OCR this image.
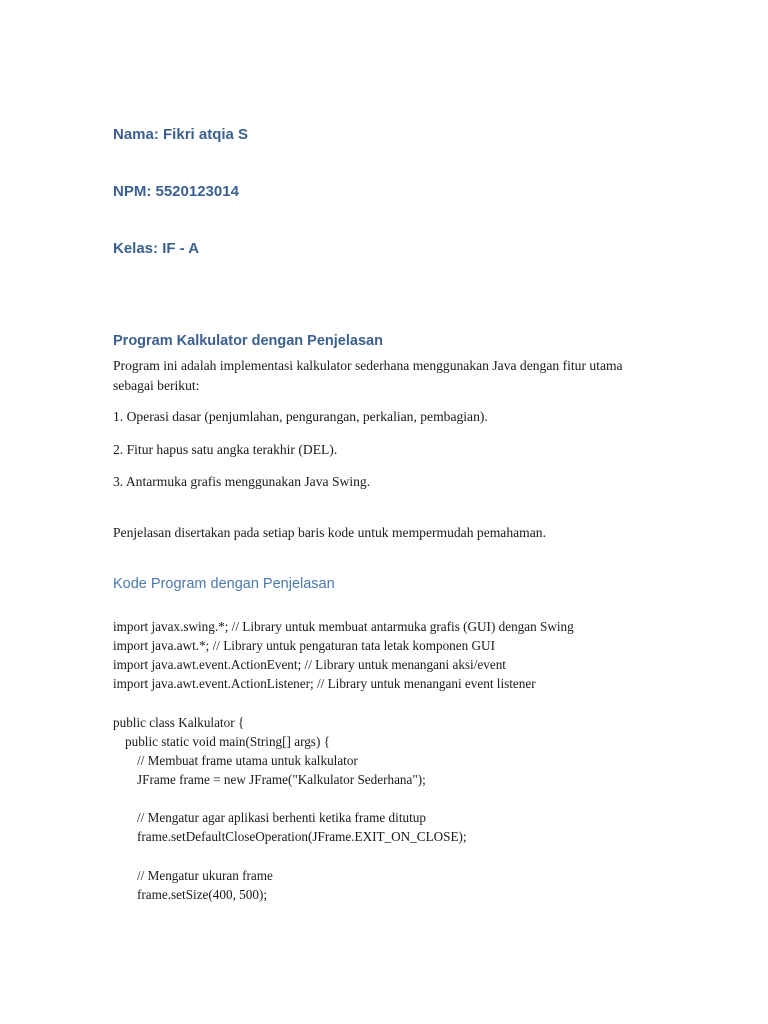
Nama: Fikri atqia S

NPM: 5520123014

Kelas: IF - A

Program Kalkulator dengan Penjelasan

Program ini adalah implementasi kalkulator sederhana menggunakan Java dengan fitur utama sebagai berikut:

1. Operasi dasar (penjumlahan, pengurangan, perkalian, pembagian).

2. Fitur hapus satu angka terakhir (DEL).

3. Antarmuka grafis menggunakan Java Swing.

Penjelasan disertakan pada setiap baris kode untuk mempermudah pemahaman.

Kode Program dengan Penjelasan

import javax.swing.*; // Library untuk membuat antarmuka grafis (GUI) dengan Swing

import java.awt.*; // Library untuk pengaturan tata letak komponen GUI

import java.awt.event.ActionEvent; // Library untuk menangani aksi/event

import java.awt.event.ActionListener; // Library untuk menangani event listener

public class Kalkulator {

public static void main(String[] args) {

// Membuat frame utama untuk kalkulator

JFrame frame = new JFrame("Kalkulator Sederhana");

// Mengatur agar aplikasi berhenti ketika frame ditutup

frame.setDefaultCloseOperation(JFrame.EXIT_ON_CLOSE);

// Mengatur ukuran frame

frame.setSize(400, 500);
